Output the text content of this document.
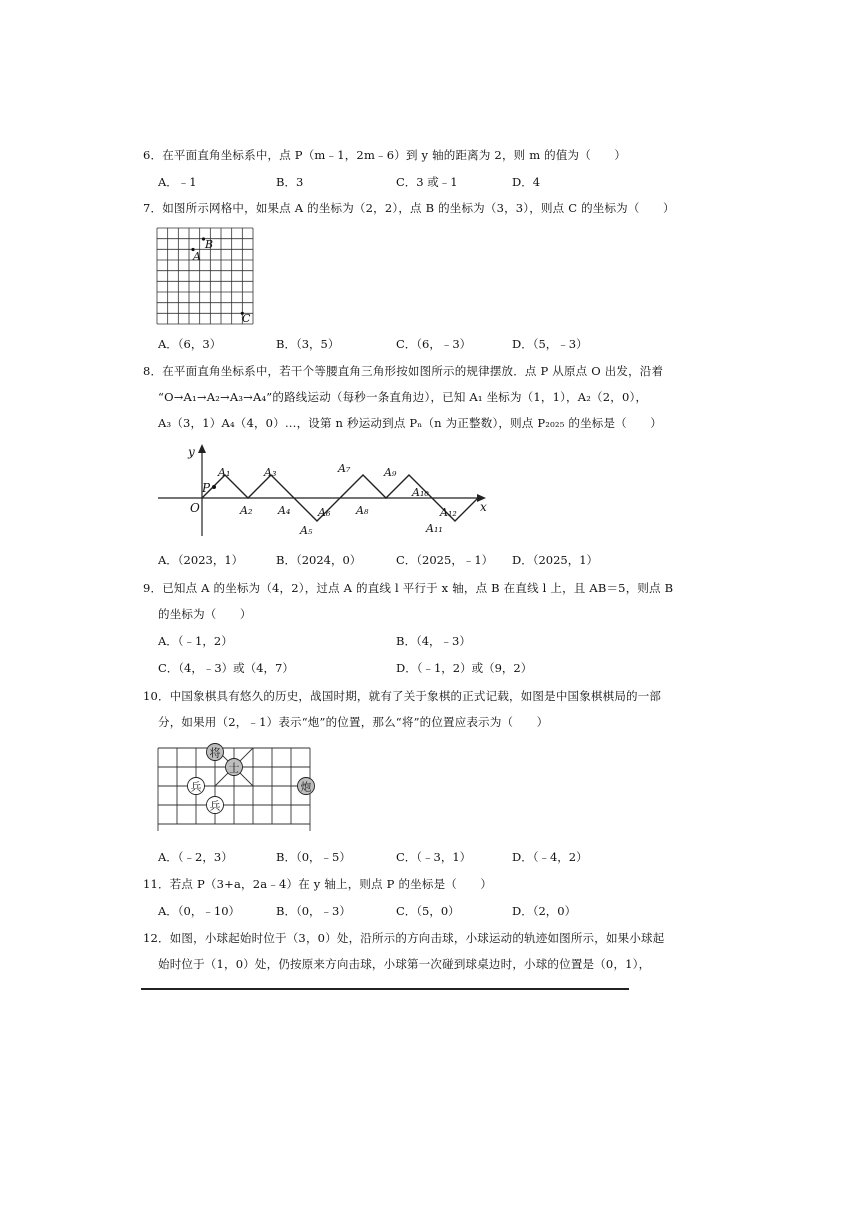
6．在平面直角坐标系中，点 P（m﹣1，2m﹣6）到 y 轴的距离为 2，则 m 的值为（　　）
A．﹣1	B．3	C．3 或﹣1	D．4
7．如图所示网格中，如果点 A 的坐标为（2，2），点 B 的坐标为（3，3），则点 C 的坐标为（　　）
A
B
C
A．（6，3）	B．（3，5）	C．（6，﹣3）	D．（5，﹣3）
8．在平面直角坐标系中，若干个等腰直角三角形按如图所示的规律摆放．点 P 从原点 O 出发，沿着
“O→A₁→A₂→A₃→A₄”的路线运动（每秒一条直角边），已知 A₁ 坐标为（1，1），A₂（2，0），
A₃（3，1）A₄（4，0）…，设第 n 秒运动到点 Pₙ（n 为正整数），则点 P₂₀₂₅ 的坐标是（　　）
y
x
O
P
A₁
A₂
A₃
A₄
A₅
A₆
A₇
A₈
A₉
A₁₀
A₁₁
A₁₂
A．（2023，1）	B．（2024，0）	C．（2025，﹣1） D．（2025，1）
9．已知点 A 的坐标为（4，2），过点 A 的直线 l 平行于 x 轴，点 B 在直线 l 上，且 AB＝5，则点 B
的坐标为（　　）
A．（﹣1，2）	B．（4，﹣3）
C．（4，﹣3）或（4，7）	D．（﹣1，2）或（9，2）
10．中国象棋具有悠久的历史，战国时期，就有了关于象棋的正式记载，如图是中国象棋棋局的一部
分，如果用（2，﹣1）表示“炮”的位置，那么“将”的位置应表示为（　　）
将
士
兵
兵
炮
A．（﹣2，3）	B．（0，﹣5）	C．（﹣3，1）	D．（﹣4，2）
11．若点 P（3+a，2a﹣4）在 y 轴上，则点 P 的坐标是（　　）
A．（0，﹣10）	B．（0，﹣3）	C．（5，0）	D．（2，0）
12．如图，小球起始时位于（3，0）处，沿所示的方向击球，小球运动的轨迹如图所示，如果小球起
始时位于（1，0）处，仍按原来方向击球，小球第一次碰到球桌边时，小球的位置是（0，1），
